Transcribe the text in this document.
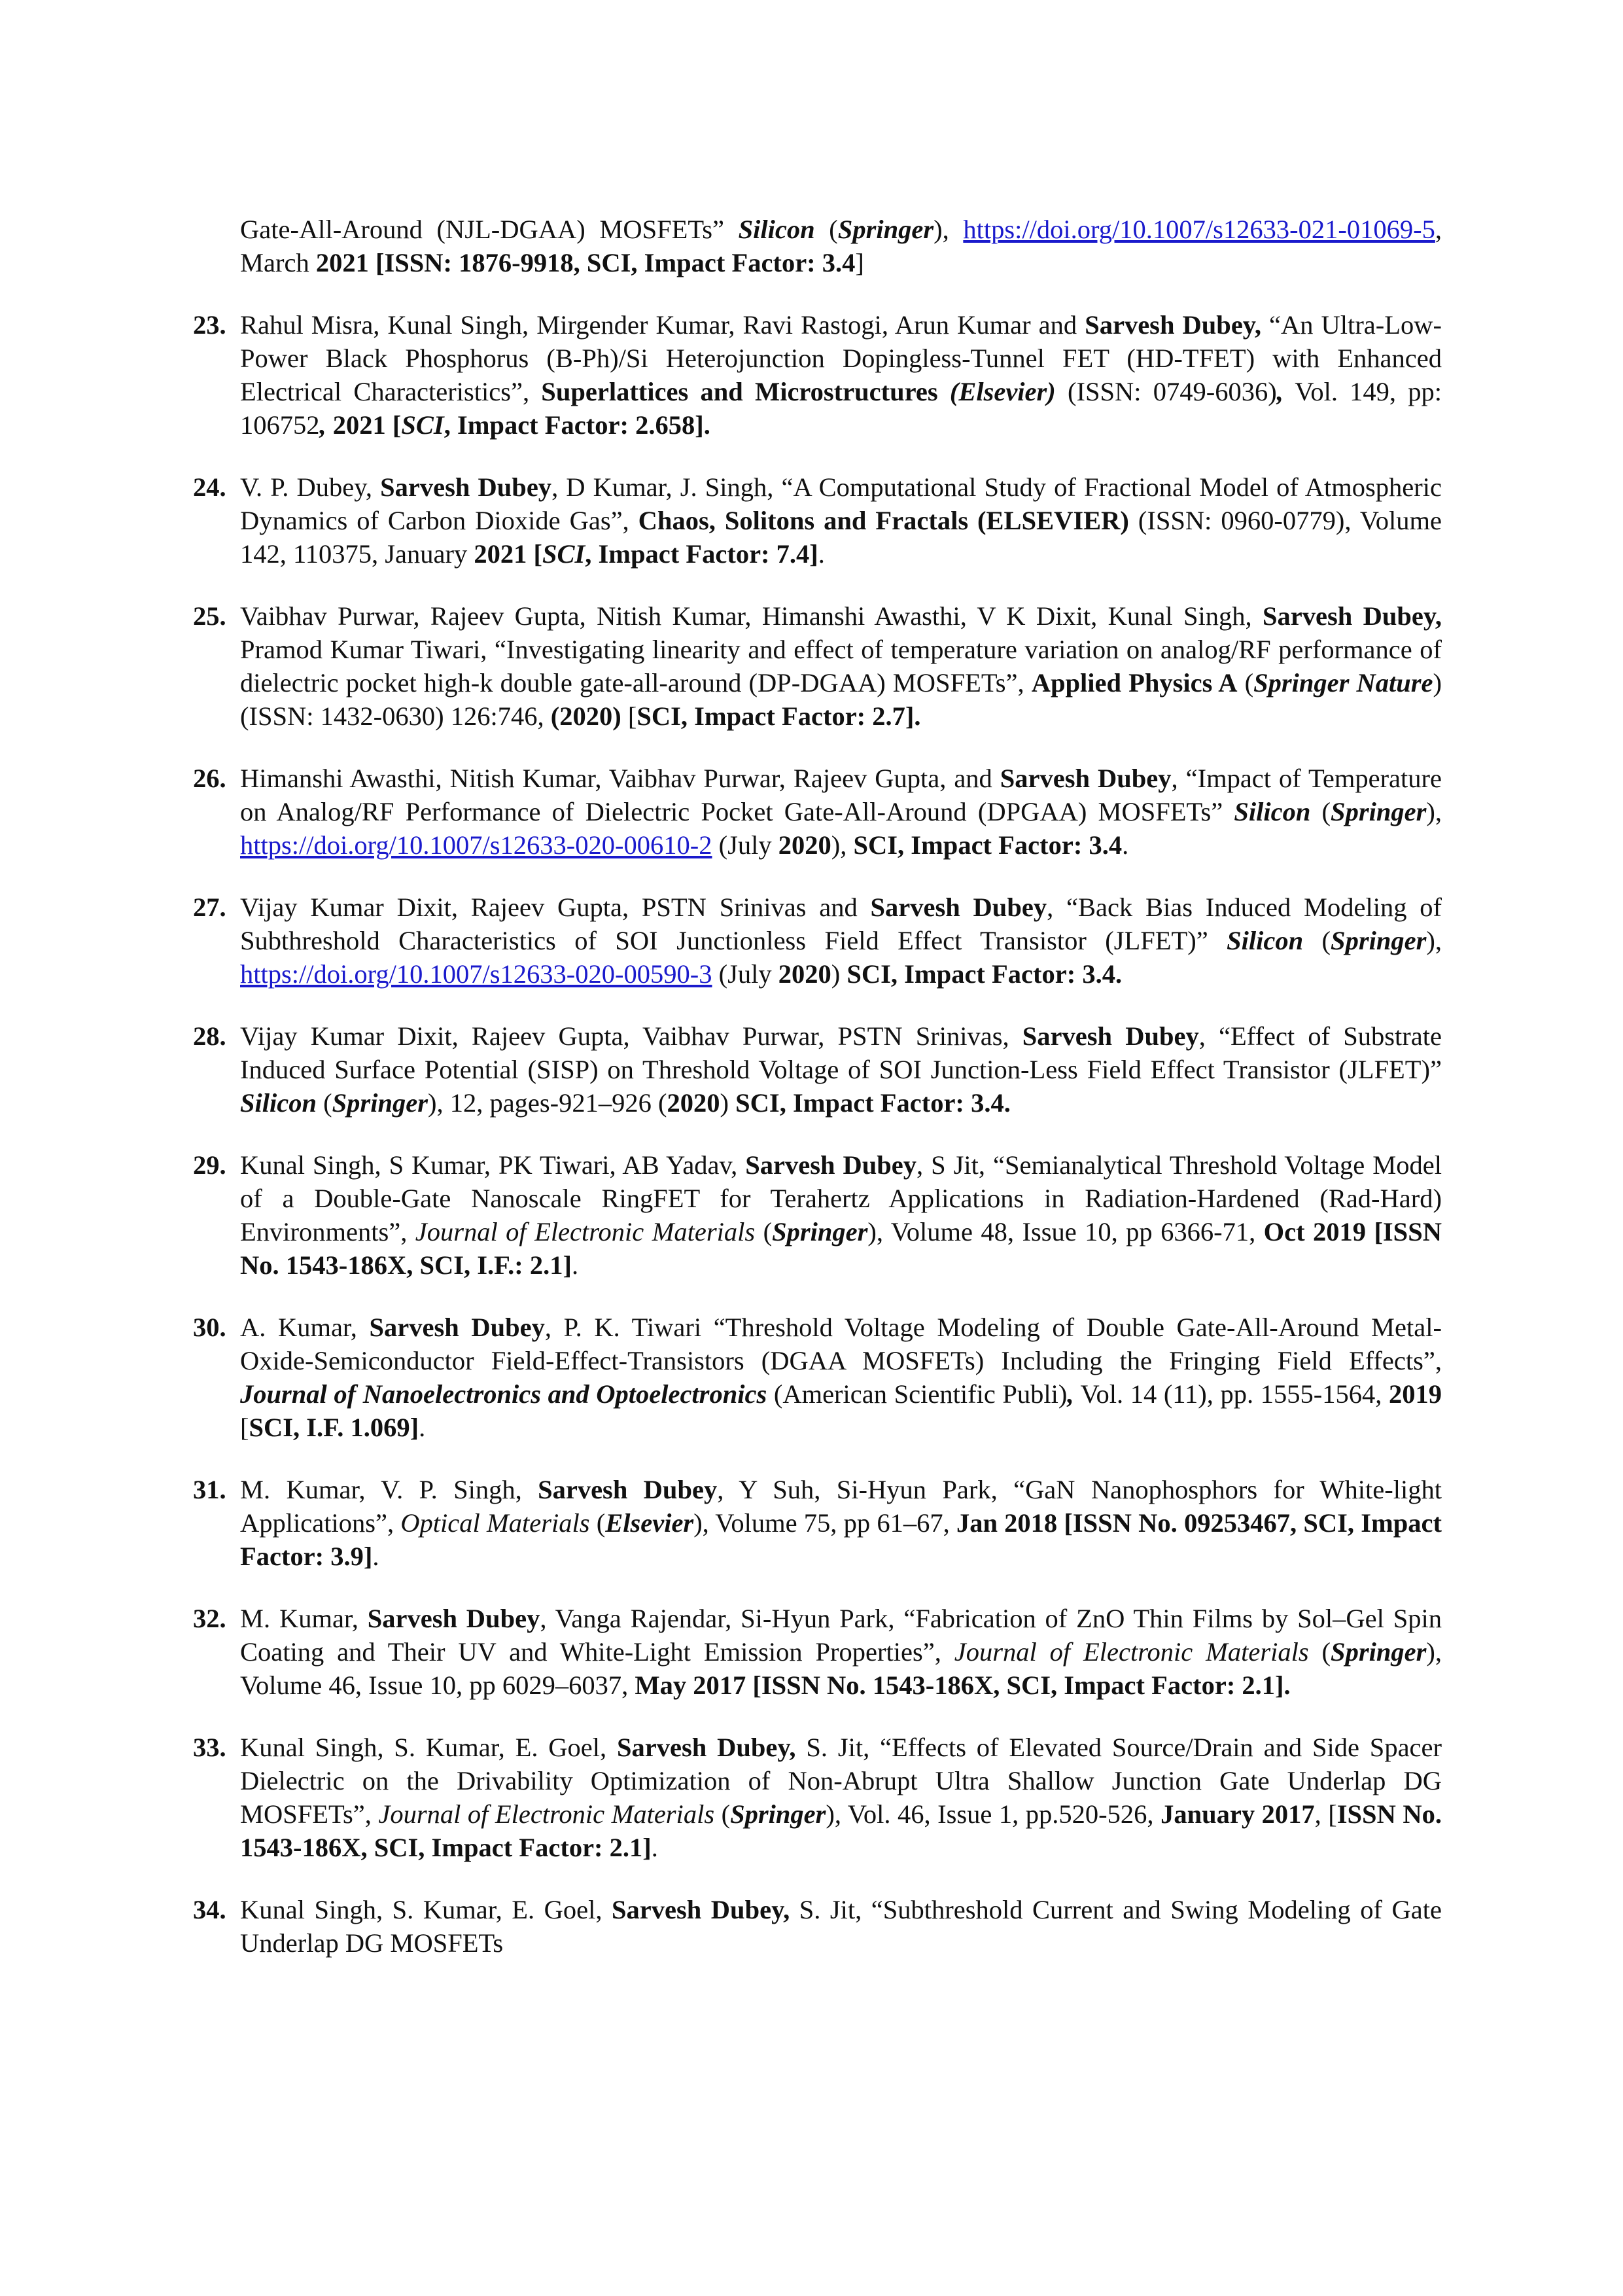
Gate-All-Around (NJL-DGAA) MOSFETs” Silicon (Springer), https://doi.org/10.1007/s12633-021-01069-5, March 2021 [ISSN: 1876-9918, SCI, Impact Factor: 3.4]
23. Rahul Misra, Kunal Singh, Mirgender Kumar, Ravi Rastogi, Arun Kumar and Sarvesh Dubey, “An Ultra-Low-Power Black Phosphorus (B-Ph)/Si Heterojunction Dopingless-Tunnel FET (HD-TFET) with Enhanced Electrical Characteristics”, Superlattices and Microstructures (Elsevier) (ISSN: 0749-6036), Vol. 149, pp: 106752, 2021 [SCI, Impact Factor: 2.658].
24. V. P. Dubey, Sarvesh Dubey, D Kumar, J. Singh, “A Computational Study of Fractional Model of Atmospheric Dynamics of Carbon Dioxide Gas”, Chaos, Solitons and Fractals (ELSEVIER) (ISSN: 0960-0779), Volume 142, 110375, January 2021 [SCI, Impact Factor: 7.4].
25. Vaibhav Purwar, Rajeev Gupta, Nitish Kumar, Himanshi Awasthi, V K Dixit, Kunal Singh, Sarvesh Dubey, Pramod Kumar Tiwari, “Investigating linearity and effect of temperature variation on analog/RF performance of dielectric pocket high-k double gate-all-around (DP-DGAA) MOSFETs”, Applied Physics A (Springer Nature) (ISSN: 1432-0630) 126:746, (2020) [SCI, Impact Factor: 2.7].
26. Himanshi Awasthi, Nitish Kumar, Vaibhav Purwar, Rajeev Gupta, and Sarvesh Dubey, “Impact of Temperature on Analog/RF Performance of Dielectric Pocket Gate-All-Around (DPGAA) MOSFETs” Silicon (Springer), https://doi.org/10.1007/s12633-020-00610-2 (July 2020), SCI, Impact Factor: 3.4.
27. Vijay Kumar Dixit, Rajeev Gupta, PSTN Srinivas and Sarvesh Dubey, “Back Bias Induced Modeling of Subthreshold Characteristics of SOI Junctionless Field Effect Transistor (JLFET)” Silicon (Springer), https://doi.org/10.1007/s12633-020-00590-3 (July 2020) SCI, Impact Factor: 3.4.
28. Vijay Kumar Dixit, Rajeev Gupta, Vaibhav Purwar, PSTN Srinivas, Sarvesh Dubey, “Effect of Substrate Induced Surface Potential (SISP) on Threshold Voltage of SOI Junction-Less Field Effect Transistor (JLFET)” Silicon (Springer), 12, pages-921–926 (2020) SCI, Impact Factor: 3.4.
29. Kunal Singh, S Kumar, PK Tiwari, AB Yadav, Sarvesh Dubey, S Jit, “Semianalytical Threshold Voltage Model of a Double-Gate Nanoscale RingFET for Terahertz Applications in Radiation-Hardened (Rad-Hard) Environments”, Journal of Electronic Materials (Springer), Volume 48, Issue 10, pp 6366-71, Oct 2019 [ISSN No. 1543-186X, SCI, I.F.: 2.1].
30. A. Kumar, Sarvesh Dubey, P. K. Tiwari “Threshold Voltage Modeling of Double Gate-All-Around Metal-Oxide-Semiconductor Field-Effect-Transistors (DGAA MOSFETs) Including the Fringing Field Effects”, Journal of Nanoelectronics and Optoelectronics (American Scientific Publi), Vol. 14 (11), pp. 1555-1564, 2019 [SCI, I.F. 1.069].
31. M. Kumar, V. P. Singh, Sarvesh Dubey, Y Suh, Si-Hyun Park, “GaN Nanophosphors for White-light Applications”, Optical Materials (Elsevier), Volume 75, pp 61–67, Jan 2018 [ISSN No. 09253467, SCI, Impact Factor: 3.9].
32. M. Kumar, Sarvesh Dubey, Vanga Rajendar, Si-Hyun Park, “Fabrication of ZnO Thin Films by Sol–Gel Spin Coating and Their UV and White-Light Emission Properties”, Journal of Electronic Materials (Springer), Volume 46, Issue 10, pp 6029–6037, May 2017 [ISSN No. 1543-186X, SCI, Impact Factor: 2.1].
33. Kunal Singh, S. Kumar, E. Goel, Sarvesh Dubey, S. Jit, “Effects of Elevated Source/Drain and Side Spacer Dielectric on the Drivability Optimization of Non-Abrupt Ultra Shallow Junction Gate Underlap DG MOSFETs”, Journal of Electronic Materials (Springer), Vol. 46, Issue 1, pp.520-526, January 2017, [ISSN No. 1543-186X, SCI, Impact Factor: 2.1].
34. Kunal Singh, S. Kumar, E. Goel, Sarvesh Dubey, S. Jit, “Subthreshold Current and Swing Modeling of Gate Underlap DG MOSFETs
